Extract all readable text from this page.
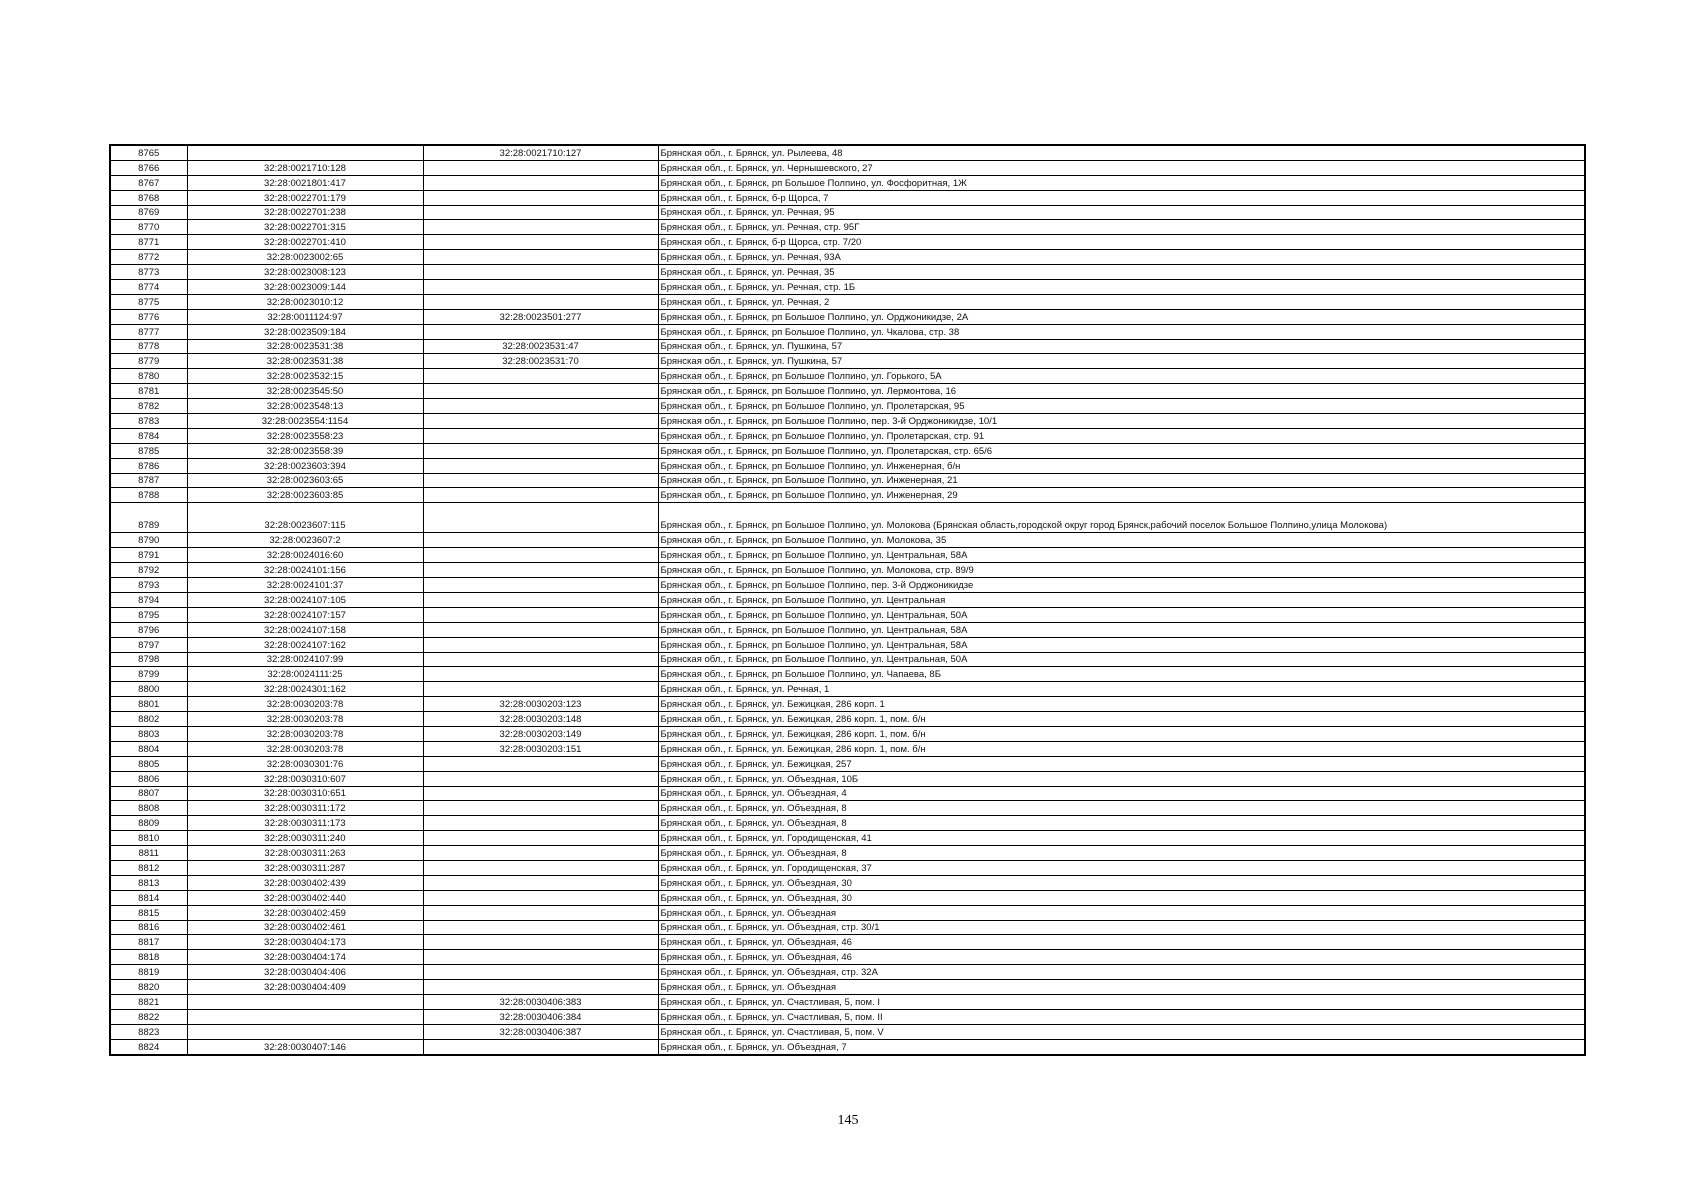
8765		32:28:0021710:127	Брянская обл., г. Брянск, ул. Рылеева, 48
8766	32:28:0021710:128		Брянская обл., г. Брянск, ул. Чернышевского, 27
8767	32:28:0021801:417		Брянская обл., г. Брянск, рп Большое Полпино, ул. Фосфоритная, 1Ж
8768	32:28:0022701:179		Брянская обл., г. Брянск, б-р Щорса, 7
8769	32:28:0022701:238		Брянская обл., г. Брянск, ул. Речная, 95
8770	32:28:0022701:315		Брянская обл., г. Брянск, ул. Речная, стр. 95Г
8771	32:28:0022701:410		Брянская обл., г. Брянск, б-р Щорса, стр. 7/20
8772	32:28:0023002:65		Брянская обл., г. Брянск, ул. Речная, 93А
8773	32:28:0023008:123		Брянская обл., г. Брянск, ул. Речная, 35
8774	32:28:0023009:144		Брянская обл., г. Брянск, ул. Речная, стр. 1Б
8775	32:28:0023010:12		Брянская обл., г. Брянск, ул. Речная, 2
8776	32:28:0011124:97	32:28:0023501:277	Брянская обл., г. Брянск, рп Большое Полпино, ул. Орджоникидзе, 2А
8777	32:28:0023509:184		Брянская обл., г. Брянск, рп Большое Полпино, ул. Чкалова, стр. 38
8778	32:28:0023531:38	32:28:0023531:47	Брянская обл., г. Брянск, ул. Пушкина, 57
8779	32:28:0023531:38	32:28:0023531:70	Брянская обл., г. Брянск, ул. Пушкина, 57
8780	32:28:0023532:15		Брянская обл., г. Брянск, рп Большое Полпино, ул. Горького, 5А
8781	32:28:0023545:50		Брянская обл., г. Брянск, рп Большое Полпино, ул. Лермонтова, 16
8782	32:28:0023548:13		Брянская обл., г. Брянск, рп Большое Полпино, ул. Пролетарская, 95
8783	32:28:0023554:1154		Брянская обл., г. Брянск, рп Большое Полпино, пер. 3-й Орджоникидзе, 10/1
8784	32:28:0023558:23		Брянская обл., г. Брянск, рп Большое Полпино, ул. Пролетарская, стр. 91
8785	32:28:0023558:39		Брянская обл., г. Брянск, рп Большое Полпино, ул. Пролетарская, стр. 65/6
8786	32:28:0023603:394		Брянская обл., г. Брянск, рп Большое Полпино, ул. Инженерная, б/н
8787	32:28:0023603:65		Брянская обл., г. Брянск, рп Большое Полпино, ул. Инженерная, 21
8788	32:28:0023603:85		Брянская обл., г. Брянск, рп Большое Полпино, ул. Инженерная, 29
8789	32:28:0023607:115		Брянская обл., г. Брянск, рп Большое Полпино, ул. Молокова (Брянская область,городской округ город Брянск,рабочий поселок Большое Полпино,улица Молокова)
8790	32:28:0023607:2		Брянская обл., г. Брянск, рп Большое Полпино, ул. Молокова, 35
8791	32:28:0024016:60		Брянская обл., г. Брянск, рп Большое Полпино, ул. Центральная, 58А
8792	32:28:0024101:156		Брянская обл., г. Брянск, рп Большое Полпино, ул. Молокова, стр. 89/9
8793	32:28:0024101:37		Брянская обл., г. Брянск, рп Большое Полпино, пер. 3-й Орджоникидзе
8794	32:28:0024107:105		Брянская обл., г. Брянск, рп Большое Полпино, ул. Центральная
8795	32:28:0024107:157		Брянская обл., г. Брянск, рп Большое Полпино, ул. Центральная, 50А
8796	32:28:0024107:158		Брянская обл., г. Брянск, рп Большое Полпино, ул. Центральная, 58А
8797	32:28:0024107:162		Брянская обл., г. Брянск, рп Большое Полпино, ул. Центральная, 58А
8798	32:28:0024107:99		Брянская обл., г. Брянск, рп Большое Полпино, ул. Центральная, 50А
8799	32:28:0024111:25		Брянская обл., г. Брянск, рп Большое Полпино, ул. Чапаева, 8Б
8800	32:28:0024301:162		Брянская обл., г. Брянск, ул. Речная, 1
8801	32:28:0030203:78	32:28:0030203:123	Брянская обл., г. Брянск, ул. Бежицкая, 286 корп. 1
8802	32:28:0030203:78	32:28:0030203:148	Брянская обл., г. Брянск, ул. Бежицкая, 286 корп. 1, пом. б/н
8803	32:28:0030203:78	32:28:0030203:149	Брянская обл., г. Брянск, ул. Бежицкая, 286 корп. 1, пом. б/н
8804	32:28:0030203:78	32:28:0030203:151	Брянская обл., г. Брянск, ул. Бежицкая, 286 корп. 1, пом. б/н
8805	32:28:0030301:76		Брянская обл., г. Брянск, ул. Бежицкая, 257
8806	32:28:0030310:607		Брянская обл., г. Брянск, ул. Объездная, 10Б
8807	32:28:0030310:651		Брянская обл., г. Брянск, ул. Объездная, 4
8808	32:28:0030311:172		Брянская обл., г. Брянск, ул. Объездная, 8
8809	32:28:0030311:173		Брянская обл., г. Брянск, ул. Объездная, 8
8810	32:28:0030311:240		Брянская обл., г. Брянск, ул. Городищенская, 41
8811	32:28:0030311:263		Брянская обл., г. Брянск, ул. Объездная, 8
8812	32:28:0030311:287		Брянская обл., г. Брянск, ул. Городищенская, 37
8813	32:28:0030402:439		Брянская обл., г. Брянск, ул. Объездная, 30
8814	32:28:0030402:440		Брянская обл., г. Брянск, ул. Объездная, 30
8815	32:28:0030402:459		Брянская обл., г. Брянск, ул. Объездная
8816	32:28:0030402:461		Брянская обл., г. Брянск, ул. Объездная, стр. 30/1
8817	32:28:0030404:173		Брянская обл., г. Брянск, ул. Объездная, 46
8818	32:28:0030404:174		Брянская обл., г. Брянск, ул. Объездная, 46
8819	32:28:0030404:406		Брянская обл., г. Брянск, ул. Объездная, стр. 32А
8820	32:28:0030404:409		Брянская обл., г. Брянск, ул. Объездная
8821		32:28:0030406:383	Брянская обл., г. Брянск, ул. Счастливая, 5, пом. I
8822		32:28:0030406:384	Брянская обл., г. Брянск, ул. Счастливая, 5, пом. II
8823		32:28:0030406:387	Брянская обл., г. Брянск, ул. Счастливая, 5, пом. V
8824	32:28:0030407:146		Брянская обл., г. Брянск, ул. Объездная, 7
145
